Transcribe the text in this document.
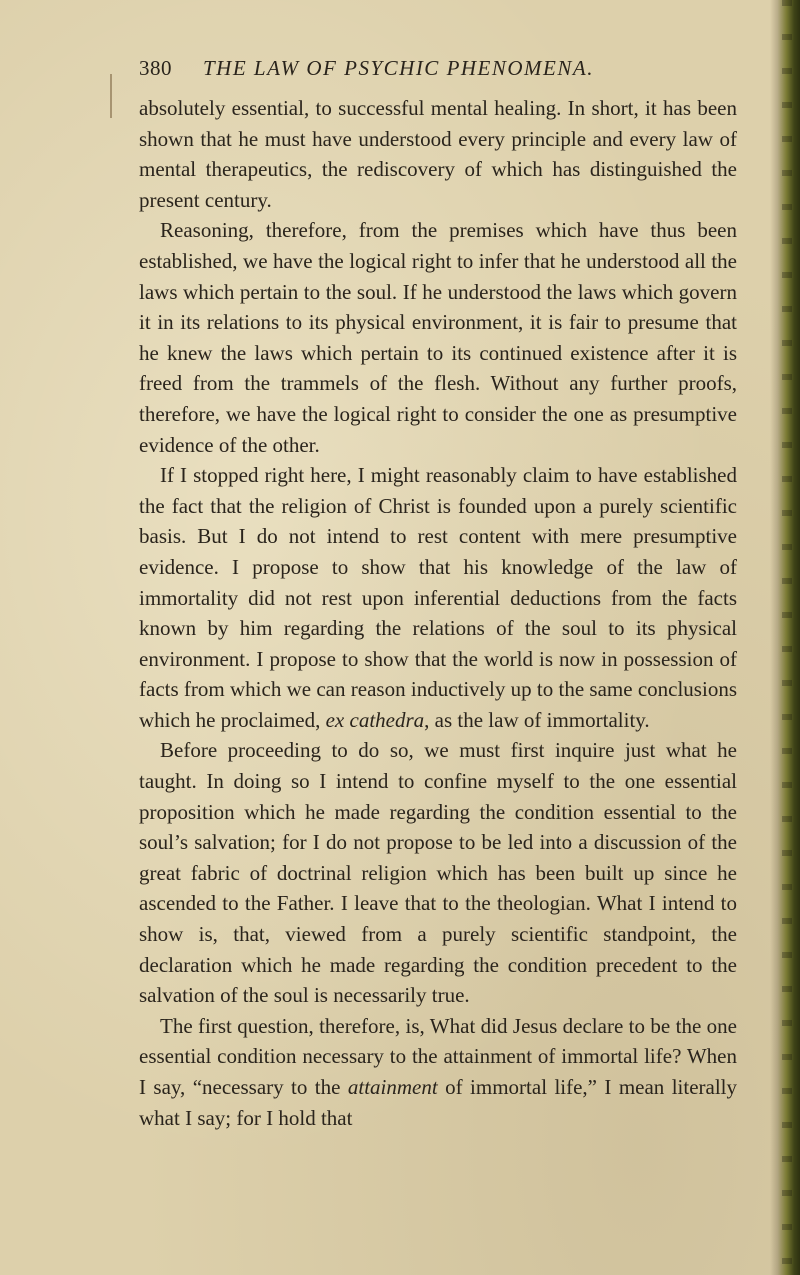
380 THE LAW OF PSYCHIC PHENOMENA.

absolutely essential, to successful mental healing. In short, it has been shown that he must have understood every principle and every law of mental therapeutics, the rediscovery of which has distinguished the present century.

Reasoning, therefore, from the premises which have thus been established, we have the logical right to infer that he understood all the laws which pertain to the soul. If he understood the laws which govern it in its relations to its physical environment, it is fair to presume that he knew the laws which pertain to its continued existence after it is freed from the trammels of the flesh. Without any further proofs, therefore, we have the logical right to consider the one as presumptive evidence of the other.

If I stopped right here, I might reasonably claim to have established the fact that the religion of Christ is founded upon a purely scientific basis. But I do not intend to rest content with mere presumptive evidence. I propose to show that his knowledge of the law of immortality did not rest upon inferential deductions from the facts known by him regarding the relations of the soul to its physical environment. I propose to show that the world is now in possession of facts from which we can reason inductively up to the same conclusions which he proclaimed, ex cathedra, as the law of immortality.

Before proceeding to do so, we must first inquire just what he taught. In doing so I intend to confine myself to the one essential proposition which he made regarding the condition essential to the soul’s salvation; for I do not propose to be led into a discussion of the great fabric of doctrinal religion which has been built up since he ascended to the Father. I leave that to the theologian. What I intend to show is, that, viewed from a purely scientific standpoint, the declaration which he made regarding the condition precedent to the salvation of the soul is necessarily true.

The first question, therefore, is, What did Jesus declare to be the one essential condition necessary to the attainment of immortal life? When I say, “necessary to the attainment of immortal life,” I mean literally what I say; for I hold that
